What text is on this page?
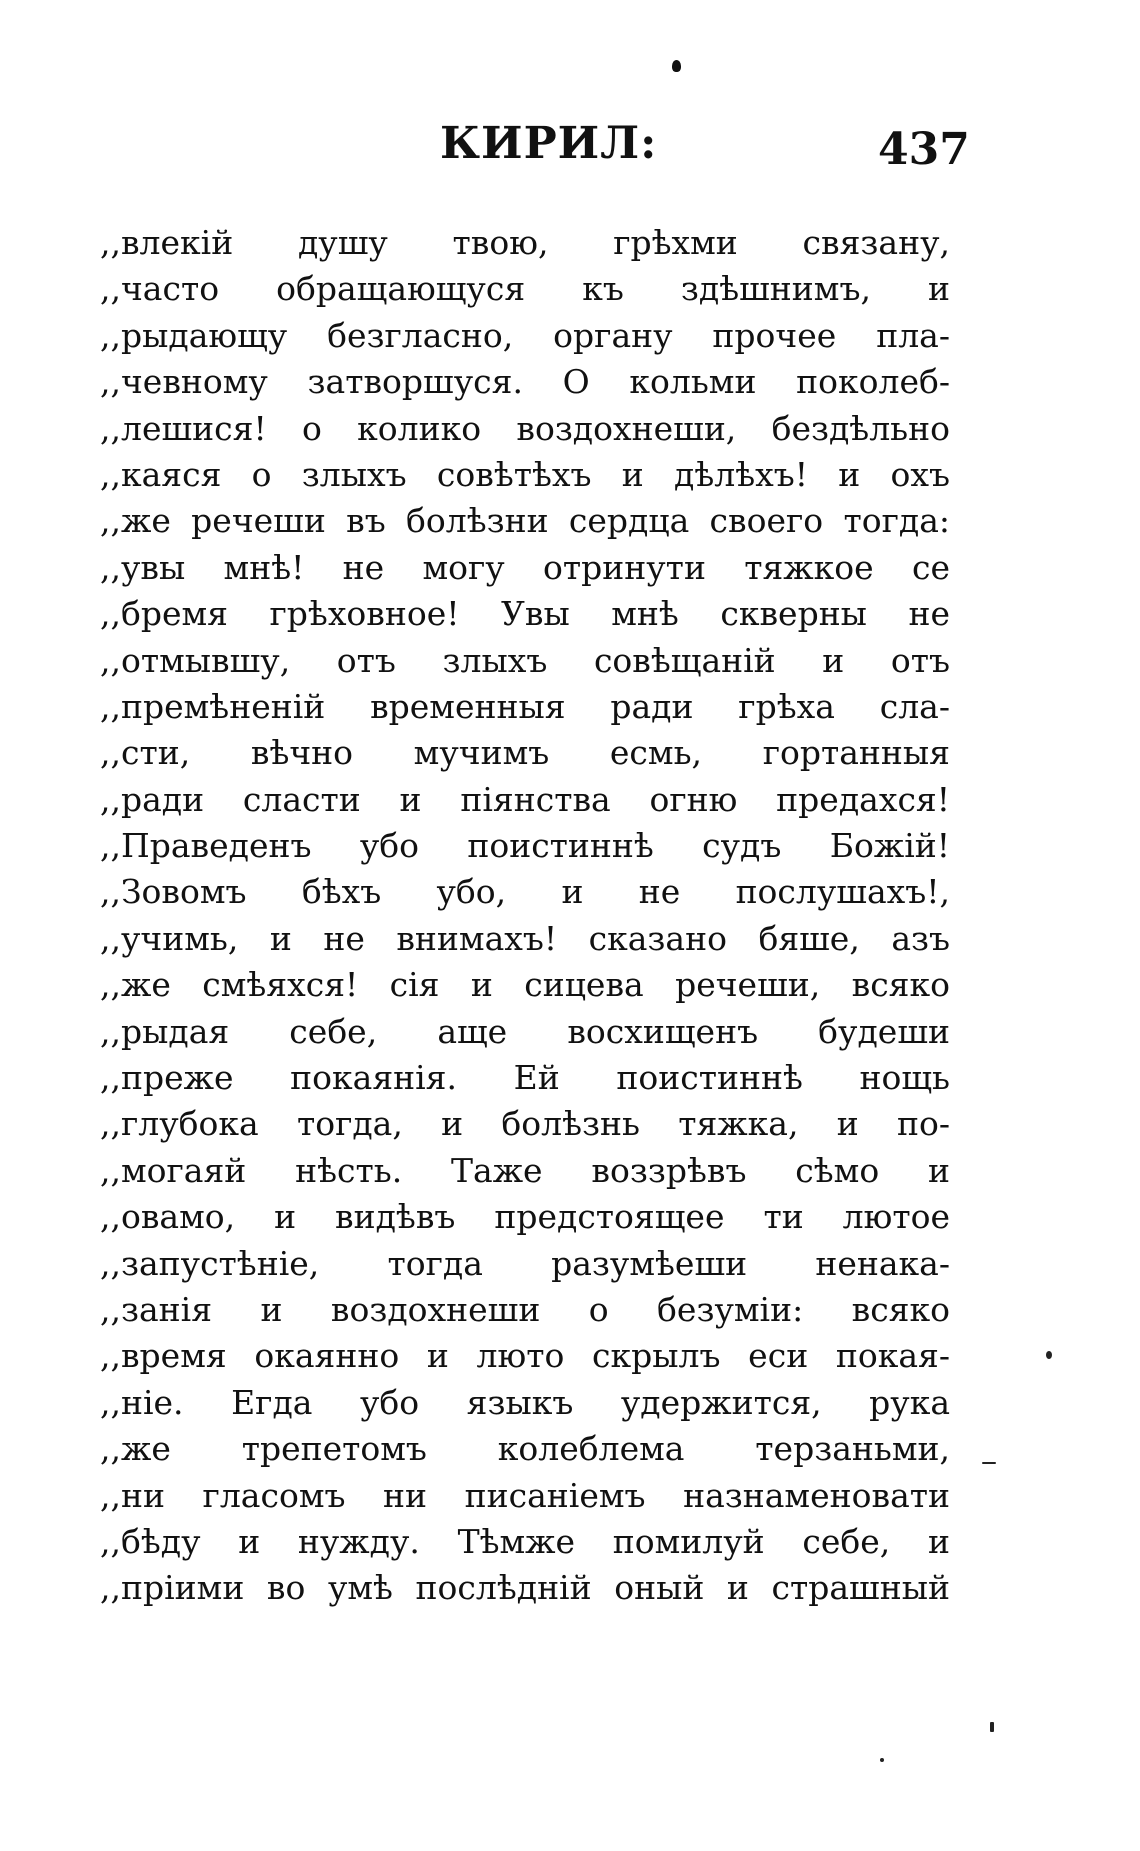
КИРИЛ:	437
,,влекій душу твою, грѣхми связану,
,,часто обращающуся къ здѣшнимъ, и
,,рыдающу безгласно, органу прочее пла-
,,чевному затворшуся. О кольми поколеб-
,,лешися! о колико воздохнеши, бездѣльно
,,каяся о злыхъ совѣтѣхъ и дѣлѣхъ! и охъ
,,же речеши въ болѣзни сердца своего тогда:
,,увы мнѣ! не могу отринути тяжкое се
,,бремя грѣховное! Увы мнѣ скверны не
,,отмывшу, отъ злыхъ совѣщаній и отъ
,,премѣненій временныя ради грѣха сла-
,,сти, вѣчно мучимъ есмь, гортанныя
,,ради сласти и піянства огню предахся!
,,Праведенъ убо поистиннѣ судъ Божій!
,,Зовомъ бѣхъ убо, и не послушахъ!,
,,учимь, и не внимахъ! сказано бяше, азъ
,,же смѣяхся! сія и сицева речеши, всяко
,,рыдая себе, аще восхищенъ будеши
,,преже покаянія. Ей поистиннѣ нощь
,,глубока тогда, и болѣзнь тяжка, и по-
,,могаяй нѣсть. Таже воззрѣвъ сѣмо и
,,овамо, и видѣвъ предстоящее ти лютое
,,запустѣніе, тогда разумѣеши ненака-
,,занія и воздохнеши о безуміи: всяко
,,время окаянно и люто скрылъ еси покая-
,,ніе. Егда убо языкъ удержится, рука
,,же трепетомъ колеблема терзаньми,
,,ни гласомъ ни писаніемъ назнаменовати
,,бѣду и нужду. Тѣмже помилуй себе, и
,,пріими во умѣ послѣдній оный и страшный
